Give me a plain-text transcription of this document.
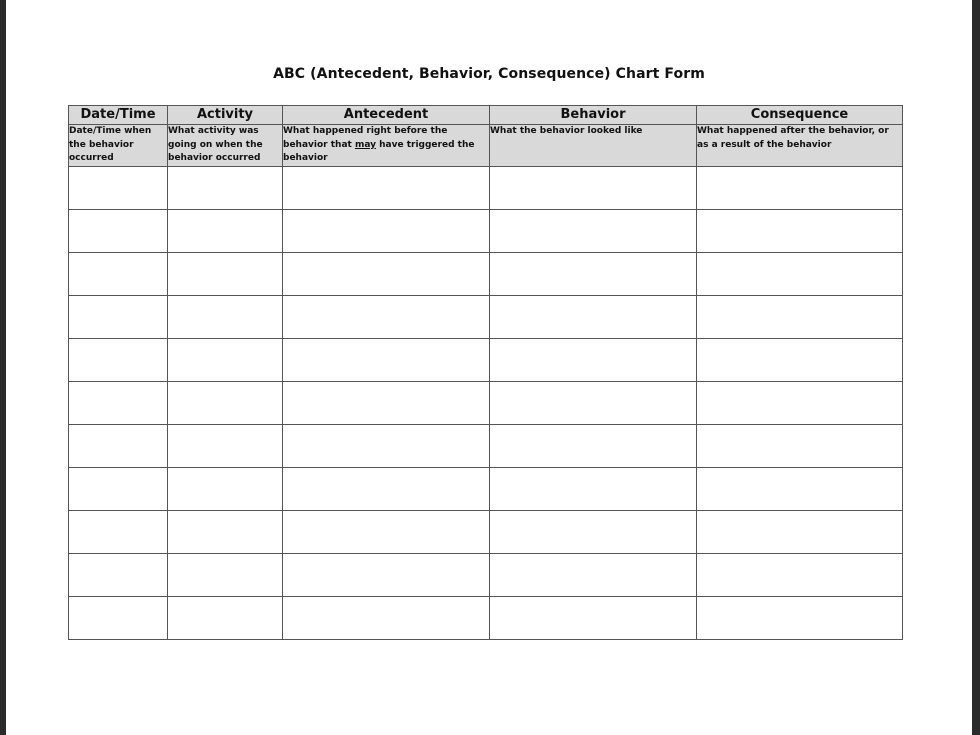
ABC (Antecedent, Behavior, Consequence) Chart Form
Date/Time	Activity	Antecedent	Behavior	Consequence
Date/Time when the behavior occurred	What activity was going on when the behavior occurred	What happened right before the behavior that may have triggered the behavior	What the behavior looked like	What happened after the behavior, or as a result of the behavior
